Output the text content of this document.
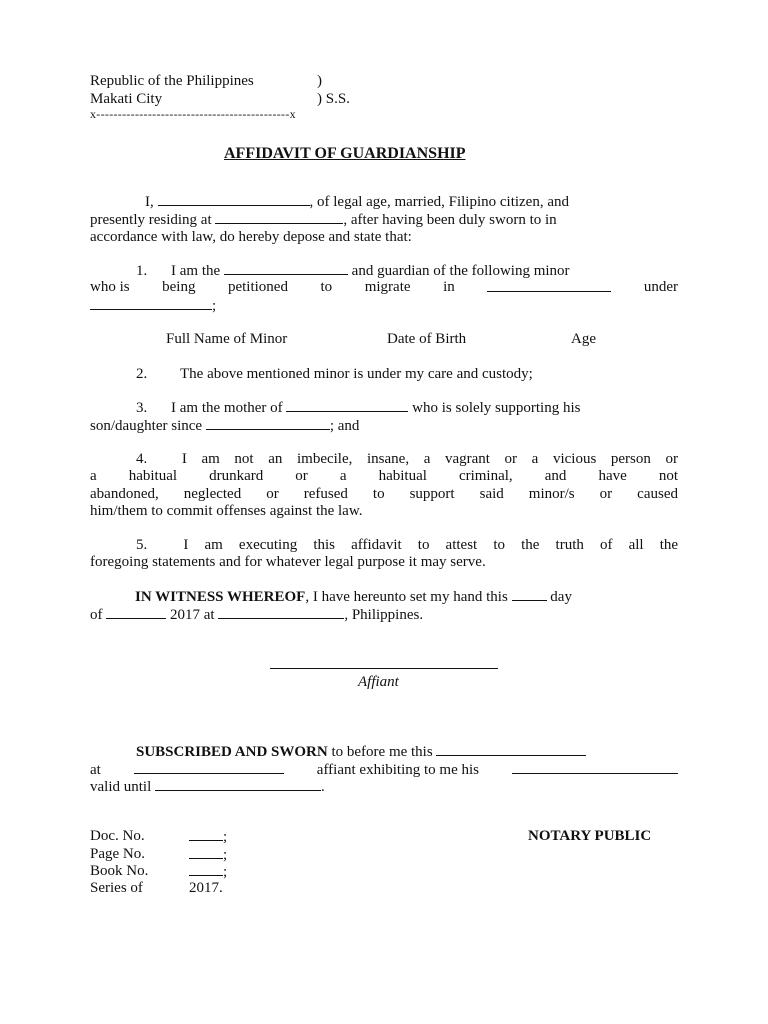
Republic of the Philippines	)
Makati City	) S.S.
x---------------------------------------------x
AFFIDAVIT OF GUARDIANSHIP
I,	, of legal age, married, Filipino citizen, and
presently residing at	, after having been duly sworn to in
accordance with law, do hereby depose and state that:
1. I am the	and guardian of the following minor
who is being petitioned to migrate in	under
;
Full Name of Minor	Date of Birth	Age
2. The above mentioned minor is under my care and custody;
3. I am the mother of	who is solely supporting his
son/daughter since	; and
4. I am not an imbecile, insane, a vagrant or a vicious person or
a habitual drunkard or a habitual criminal, and have not
abandoned, neglected or refused to support said minor/s or caused
him/them to commit offenses against the law.
5. I am executing this affidavit to attest to the truth of all the
foregoing statements and for whatever legal purpose it may serve.
IN WITNESS WHEREOF, I have hereunto set my hand this	day
of	2017 at	, Philippines.
Affiant
SUBSCRIBED AND SWORN to before me this
at	affiant exhibiting to me his
valid until	.
Doc. No.	;
Page No.	;
Book No.	;
Series of	2017.
NOTARY PUBLIC
